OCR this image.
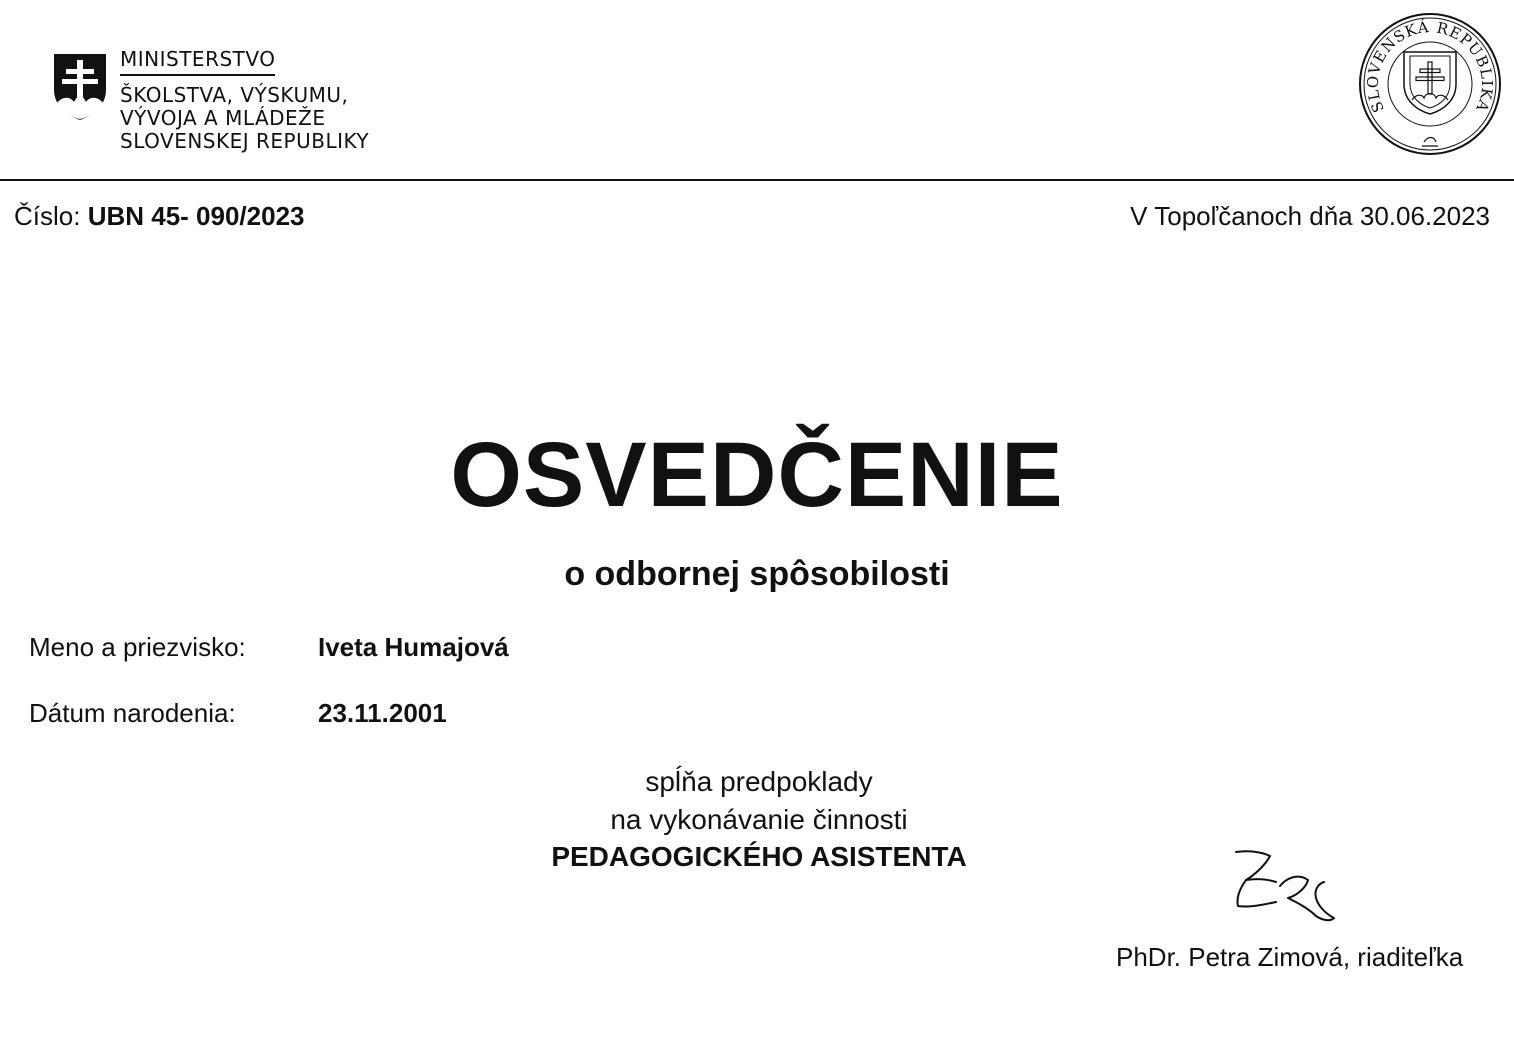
MINISTERSTVO
ŠKOLSTVA, VÝSKUMU,
VÝVOJA A MLÁDEŽE
SLOVENSKEJ REPUBLIKY
SLOVENSKÁ REPUBLIKA
Číslo: UBN 45- 090/2023	V Topoľčanoch dňa 30.06.2023
OSVEDČENIE
o odbornej spôsobilosti
Meno a priezvisko:	Iveta Humajová
Dátum narodenia:	23.11.2001
spĺňa predpoklady
na vykonávanie činnosti
PEDAGOGICKÉHO ASISTENTA
PhDr. Petra Zimová, riaditeľka
